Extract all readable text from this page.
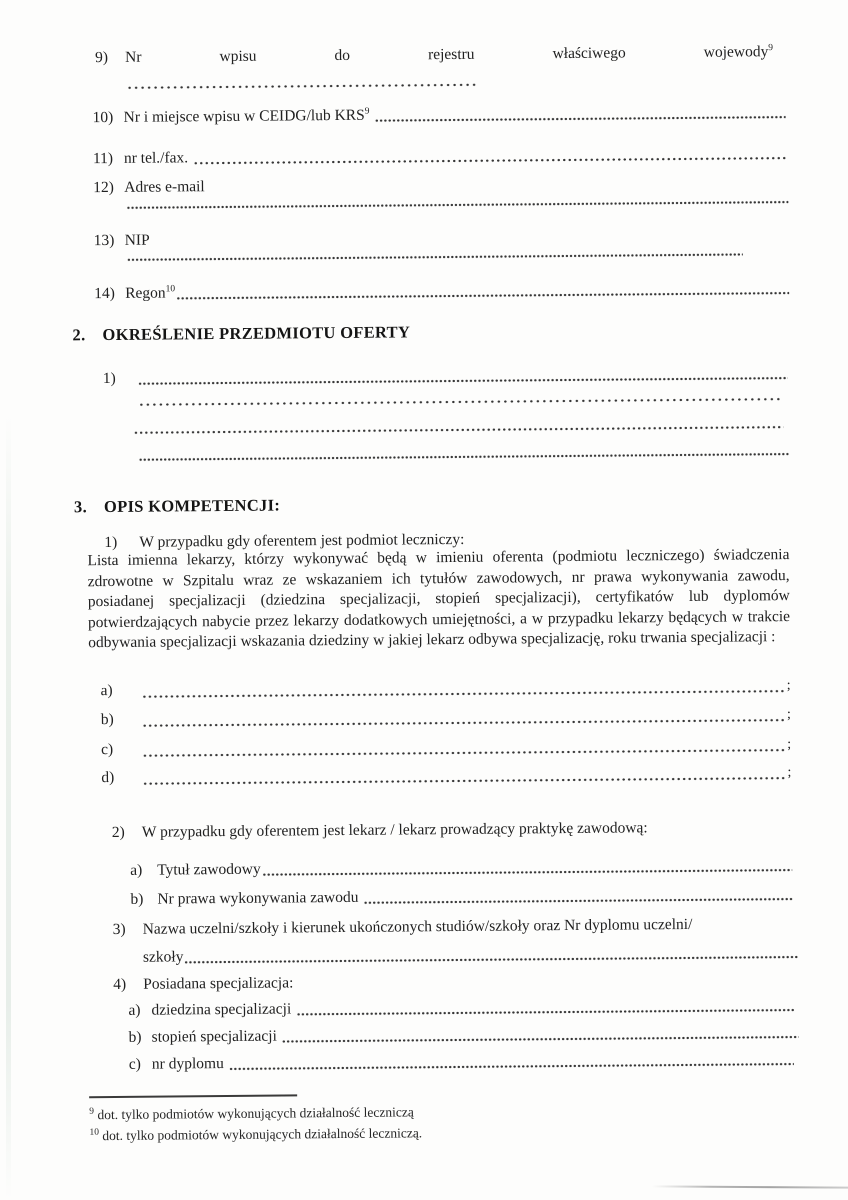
9)	Nr	wpisu	do	rejestru	właściwego	wojewody$^9$
10) Nr i miejsce wpisu w CEIDG/lub KRS$^9$
11) nr tel./fax.
12) Adres e-mail
13) NIP
14) Regon$^{10}$
2.	OKREŚLENIE PRZEDMIOTU OFERTY
1)
3.	OPIS KOMPETENCJI:
1)	W przypadku gdy oferentem jest podmiot leczniczy:
Lista imienna lekarzy, którzy wykonywać będą w imieniu oferenta (podmiotu leczniczego) świadczenia zdrowotne w Szpitalu wraz ze wskazaniem ich tytułów zawodowych, nr prawa wykonywania zawodu, posiadanej specjalizacji (dziedzina specjalizacji, stopień specjalizacji), certyfikatów lub dyplomów potwierdzających nabycie przez lekarzy dodatkowych umiejętności, a w przypadku lekarzy będących w trakcie odbywania specjalizacji wskazania dziedziny w jakiej lekarz odbywa specjalizację, roku trwania specjalizacji :
a)	;
b)	;
c)	;
d)	;
2)	W przypadku gdy oferentem jest lekarz / lekarz prowadzący praktykę zawodową:
a) Tytuł zawodowy
b) Nr prawa wykonywania zawodu
3)	Nazwa uczelni/szkoły i kierunek ukończonych studiów/szkoły oraz Nr dyplomu uczelni/
szkoły
4)	Posiadana specjalizacja:
a) dziedzina specjalizacji
b) stopień specjalizacji
c) nr dyplomu
$^9$ dot. tylko podmiotów wykonujących działalność leczniczą
$^{10}$ dot. tylko podmiotów wykonujących działalność leczniczą.
